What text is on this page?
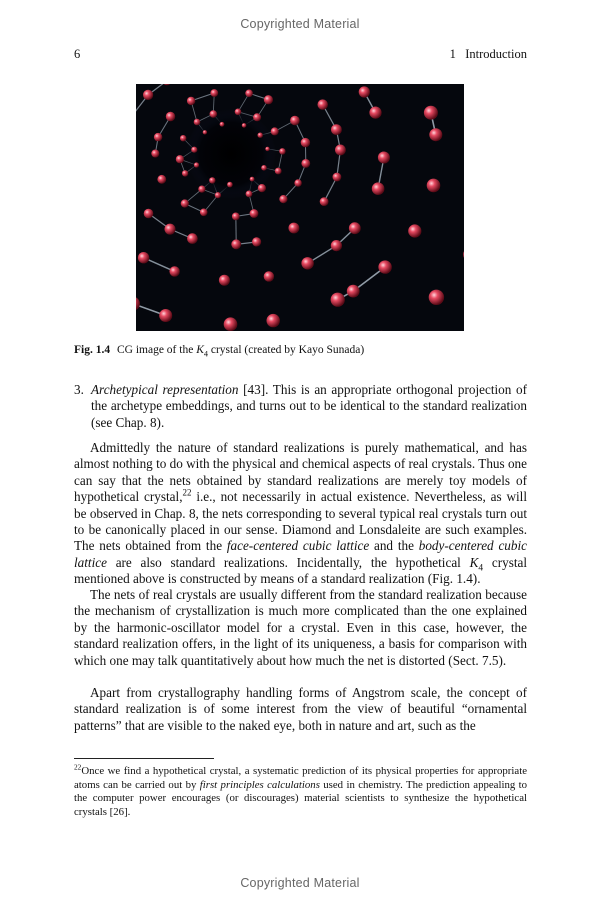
Copyrighted Material
6	1   Introduction
Fig. 1.4 CG image of the $K_4$ crystal (created by Kayo Sunada)
3. Archetypical representation [43]. This is an appropriate orthogonal projection of the archetype embeddings, and turns out to be identical to the standard realization (see Chap. 8).
Admittedly the nature of standard realizations is purely mathematical, and has almost nothing to do with the physical and chemical aspects of real crystals. Thus one can say that the nets obtained by standard realizations are merely toy models of hypothetical crystal,$^{22}$ i.e., not necessarily in actual existence. Nevertheless, as will be observed in Chap. 8, the nets corresponding to several typical real crystals turn out to be canonically placed in our sense. Diamond and Lonsdaleite are such examples. The nets obtained from the face-centered cubic lattice and the body-centered cubic lattice are also standard realizations. Incidentally, the hypothetical $K_4$ crystal mentioned above is constructed by means of a standard realization (Fig. 1.4).
The nets of real crystals are usually different from the standard realization because the mechanism of crystallization is much more complicated than the one explained by the harmonic-oscillator model for a crystal. Even in this case, however, the standard realization offers, in the light of its uniqueness, a basis for comparison with which one may talk quantitatively about how much the net is distorted (Sect. 7.5).
Apart from crystallography handling forms of Angstrom scale, the concept of standard realization is of some interest from the view of beautiful “ornamental patterns” that are visible to the naked eye, both in nature and art, such as the
$^{22}$Once we find a hypothetical crystal, a systematic prediction of its physical properties for appropriate atoms can be carried out by first principles calculations used in chemistry. The prediction appealing to the computer power encourages (or discourages) material scientists to synthesize the hypothetical crystals [26].
Copyrighted Material
